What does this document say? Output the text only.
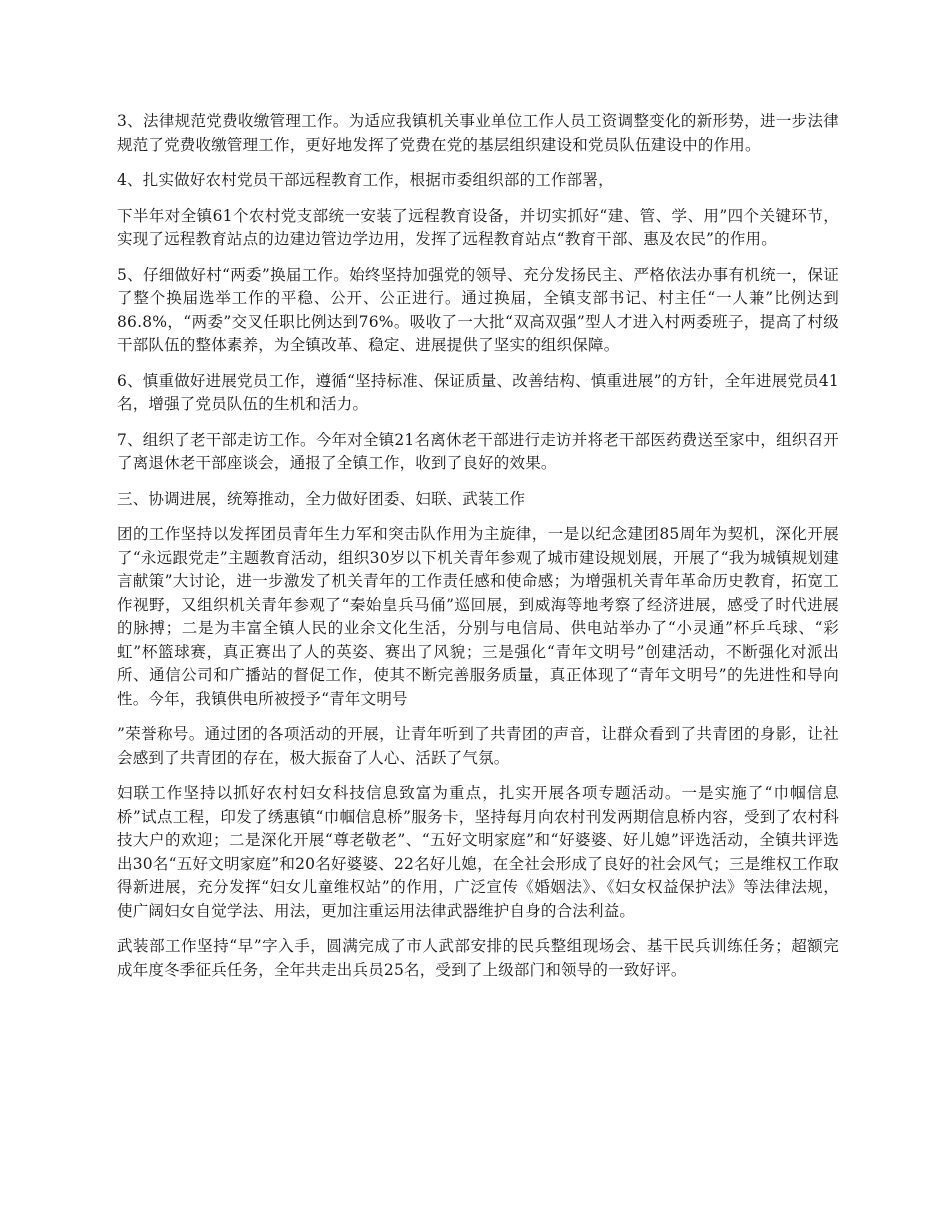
3、法律规范党费收缴管理工作。为适应我镇机关事业单位工作人员工资调整变化的新形势，进一步法律规范了党费收缴管理工作，更好地发挥了党费在党的基层组织建设和党员队伍建设中的作用。

4、扎实做好农村党员干部远程教育工作，根据市委组织部的工作部署，

下半年对全镇61个农村党支部统一安装了远程教育设备，并切实抓好“建、管、学、用”四个关键环节，实现了远程教育站点的边建边管边学边用，发挥了远程教育站点“教育干部、惠及农民”的作用。

5、仔细做好村“两委”换届工作。始终坚持加强党的领导、充分发扬民主、严格依法办事有机统一，保证了整个换届选举工作的平稳、公开、公正进行。通过换届，全镇支部书记、村主任“一人兼”比例达到86.8%，“两委”交叉任职比例达到76%。吸收了一大批“双高双强”型人才进入村两委班子，提高了村级干部队伍的整体素养，为全镇改革、稳定、进展提供了坚实的组织保障。

6、慎重做好进展党员工作，遵循“坚持标准、保证质量、改善结构、慎重进展”的方针，全年进展党员41名，增强了党员队伍的生机和活力。

7、组织了老干部走访工作。今年对全镇21名离休老干部进行走访并将老干部医药费送至家中，组织召开了离退休老干部座谈会，通报了全镇工作，收到了良好的效果。

三、协调进展，统筹推动，全力做好团委、妇联、武装工作

团的工作坚持以发挥团员青年生力军和突击队作用为主旋律，一是以纪念建团85周年为契机，深化开展了“永远跟党走”主题教育活动，组织30岁以下机关青年参观了城市建设规划展，开展了“我为城镇规划建言献策”大讨论，进一步激发了机关青年的工作责任感和使命感；为增强机关青年革命历史教育，拓宽工作视野，又组织机关青年参观了“秦始皇兵马俑”巡回展，到威海等地考察了经济进展，感受了时代进展的脉搏；二是为丰富全镇人民的业余文化生活，分别与电信局、供电站举办了“小灵通”杯乒乓球、“彩虹”杯篮球赛，真正赛出了人的英姿、赛出了风貌；三是强化“青年文明号”创建活动，不断强化对派出所、通信公司和广播站的督促工作，使其不断完善服务质量，真正体现了“青年文明号”的先进性和导向性。今年，我镇供电所被授予“青年文明号

”荣誉称号。通过团的各项活动的开展，让青年听到了共青团的声音，让群众看到了共青团的身影，让社会感到了共青团的存在，极大振奋了人心、活跃了气氛。

妇联工作坚持以抓好农村妇女科技信息致富为重点，扎实开展各项专题活动。一是实施了“巾帼信息桥”试点工程，印发了绣惠镇“巾帼信息桥”服务卡，坚持每月向农村刊发两期信息桥内容，受到了农村科技大户的欢迎；二是深化开展“尊老敬老”、“五好文明家庭”和“好婆婆、好儿媳”评选活动，全镇共评选出30名“五好文明家庭”和20名好婆婆、22名好儿媳，在全社会形成了良好的社会风气；三是维权工作取得新进展，充分发挥“妇女儿童维权站”的作用，广泛宣传《婚姻法》、《妇女权益保护法》等法律法规，使广阔妇女自觉学法、用法，更加注重运用法律武器维护自身的合法利益。

武装部工作坚持“早”字入手，圆满完成了市人武部安排的民兵整组现场会、基干民兵训练任务；超额完成年度冬季征兵任务，全年共走出兵员25名，受到了上级部门和领导的一致好评。
